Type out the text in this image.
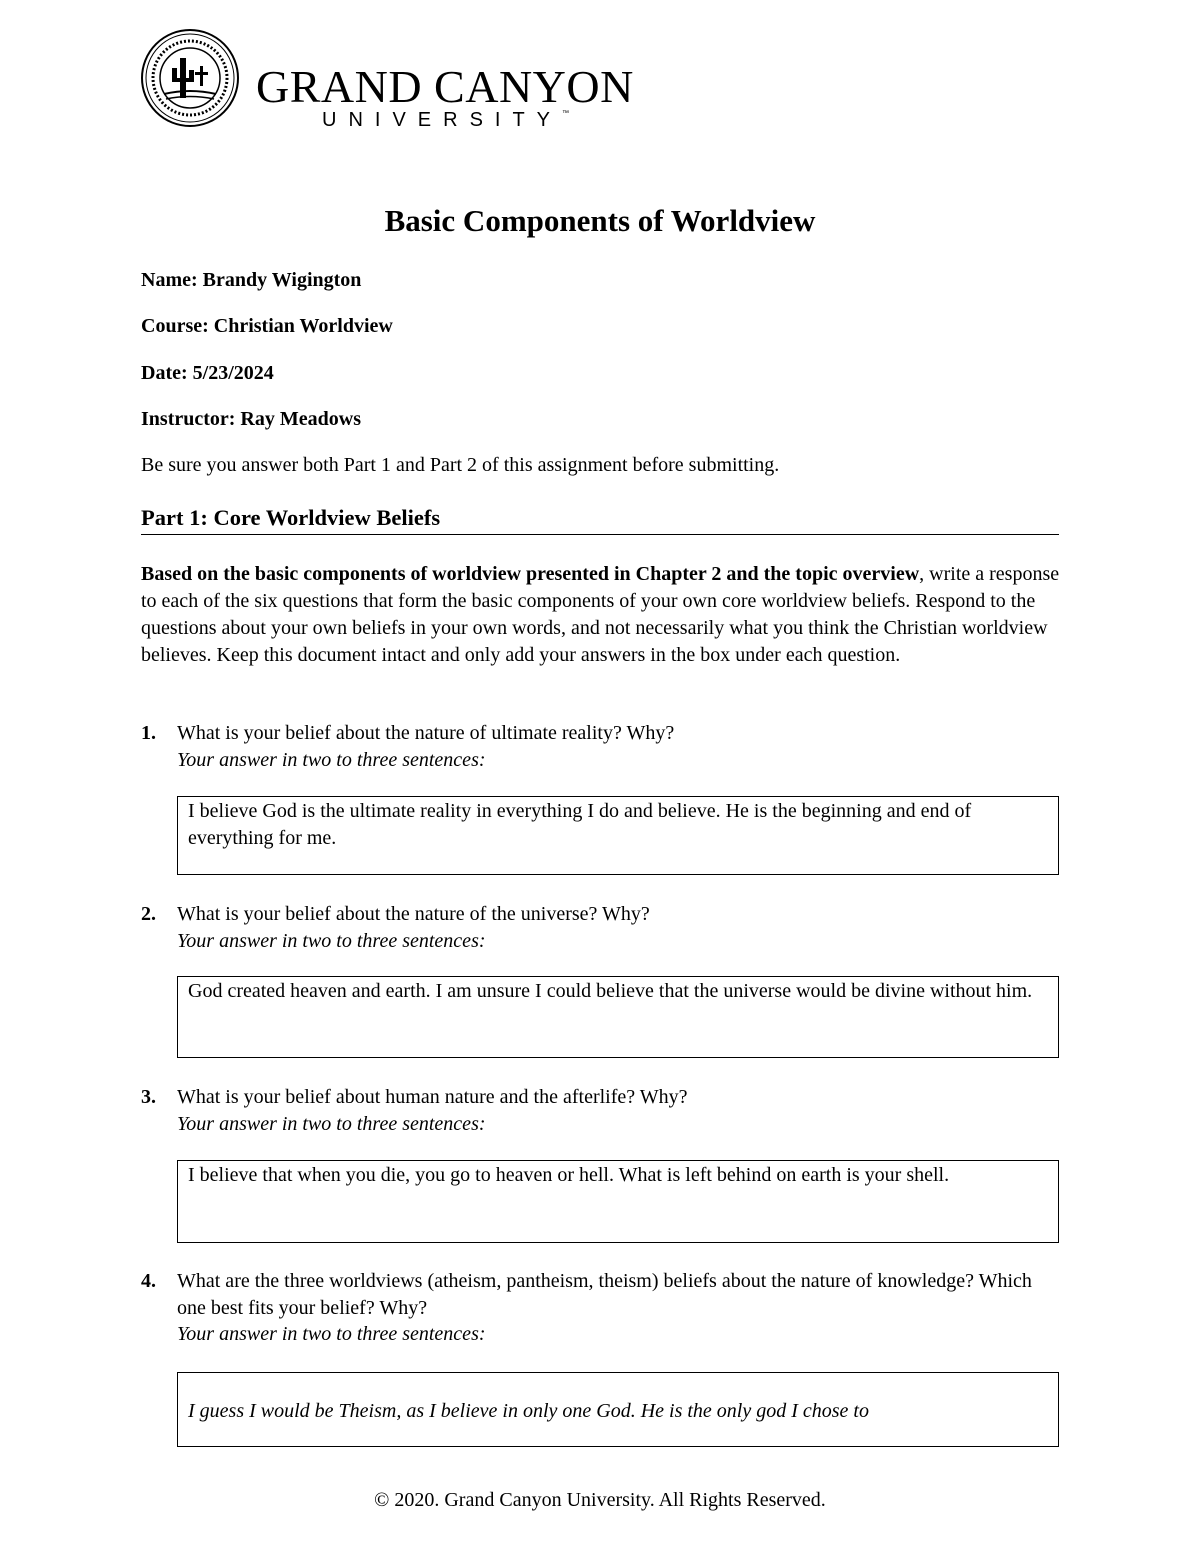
GRAND CANYON
UNIVERSITY™
Basic Components of Worldview
Name: Brandy Wigington
Course: Christian Worldview
Date: 5/23/2024
Instructor: Ray Meadows
Be sure you answer both Part 1 and Part 2 of this assignment before submitting.
Part 1: Core Worldview Beliefs
Based on the basic components of worldview presented in Chapter 2 and the topic overview, write a response to each of the six questions that form the basic components of your own core worldview beliefs. Respond to the questions about your own beliefs in your own words, and not necessarily what you think the Christian worldview believes. Keep this document intact and only add your answers in the box under each question.
1. What is your belief about the nature of ultimate reality? Why?
Your answer in two to three sentences:
I believe God is the ultimate reality in everything I do and believe. He is the beginning and end of everything for me.
2. What is your belief about the nature of the universe? Why?
Your answer in two to three sentences:
God created heaven and earth. I am unsure I could believe that the universe would be divine without him.
3. What is your belief about human nature and the afterlife? Why?
Your answer in two to three sentences:
I believe that when you die, you go to heaven or hell. What is left behind on earth is your shell.
4. What are the three worldviews (atheism, pantheism, theism) beliefs about the nature of knowledge? Which one best fits your belief? Why?
Your answer in two to three sentences:
I guess I would be Theism, as I believe in only one God. He is the only god I chose to
© 2020. Grand Canyon University. All Rights Reserved.
